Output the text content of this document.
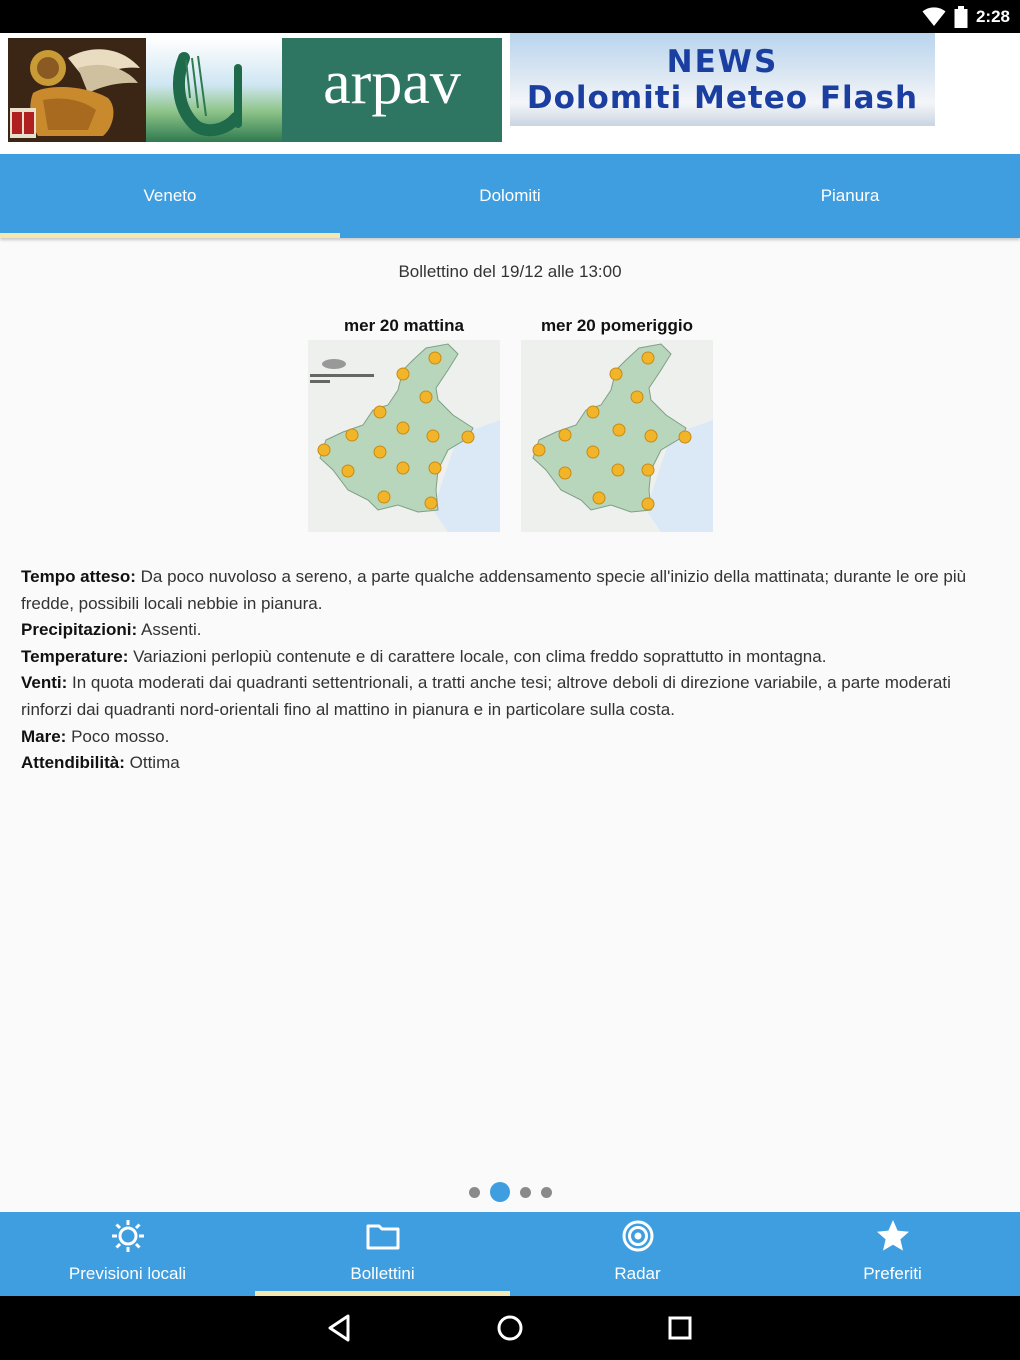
2:28
arpav	NEWS
Dolomiti Meteo Flash
Veneto	Dolomiti	Pianura
Bollettino del 19/12 alle 13:00
mer 20 mattina	mer 20 pomeriggio
Tempo atteso: Da poco nuvoloso a sereno, a parte qualche addensamento specie all'inizio della mattinata; durante le ore più fredde, possibili locali nebbie in pianura.
Precipitazioni: Assenti.
Temperature: Variazioni perlopiù contenute e di carattere locale, con clima freddo soprattutto in montagna.
Venti: In quota moderati dai quadranti settentrionali, a tratti anche tesi; altrove deboli di direzione variabile, a parte moderati rinforzi dai quadranti nord-orientali fino al mattino in pianura e in particolare sulla costa.
Mare: Poco mosso.
Attendibilità: Ottima
Previsioni locali	Bollettini	Radar	Preferiti
